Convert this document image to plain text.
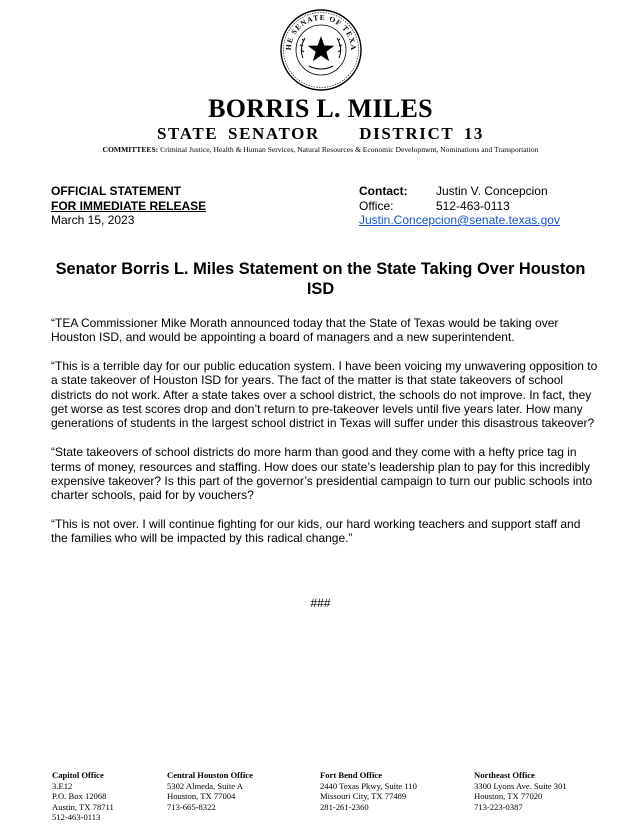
HE SENATE OF TEXA
BORRIS L. MILES
STATE SENATOR    DISTRICT 13
COMMITTEES: Criminal Justice, Health & Human Services, Natural Resources & Economic Development, Nominations and Transportation
OFFICIAL STATEMENT
FOR IMMEDIATE RELEASE
March 15, 2023
Contact:	Justin V. Concepcion
Office:	512-463-0113
Justin.Concepcion@senate.texas.gov
Senator Borris L. Miles Statement on the State Taking Over Houston ISD

“TEA Commissioner Mike Morath announced today that the State of Texas would be taking over Houston ISD, and would be appointing a board of managers and a new superintendent.

“This is a terrible day for our public education system. I have been voicing my unwavering opposition to a state takeover of Houston ISD for years. The fact of the matter is that state takeovers of school districts do not work. After a state takes over a school district, the schools do not improve. In fact, they get worse as test scores drop and don’t return to pre-takeover levels until five years later. How many generations of students in the largest school district in Texas will suffer under this disastrous takeover?

“State takeovers of school districts do more harm than good and they come with a hefty price tag in terms of money, resources and staffing. How does our state’s leadership plan to pay for this incredibly expensive takeover? Is this part of the governor’s presidential campaign to turn our public schools into charter schools, paid for by vouchers?

“This is not over. I will continue fighting for our kids, our hard working teachers and support staff and the families who will be impacted by this radical change.”

###
Capitol Office
3.E12
P.O. Box 12068
Austin, TX 78711
512-463-0113
Central Houston Office
5302 Almeda, Suite A
Houston, TX 77004
713-665-8322
Fort Bend Office
2440 Texas Pkwy, Suite 110
Missouri City, TX 77489
281-261-2360
Northeast Office
3300 Lyons Ave. Suite 301
Houston, TX 77020
713-223-0387
